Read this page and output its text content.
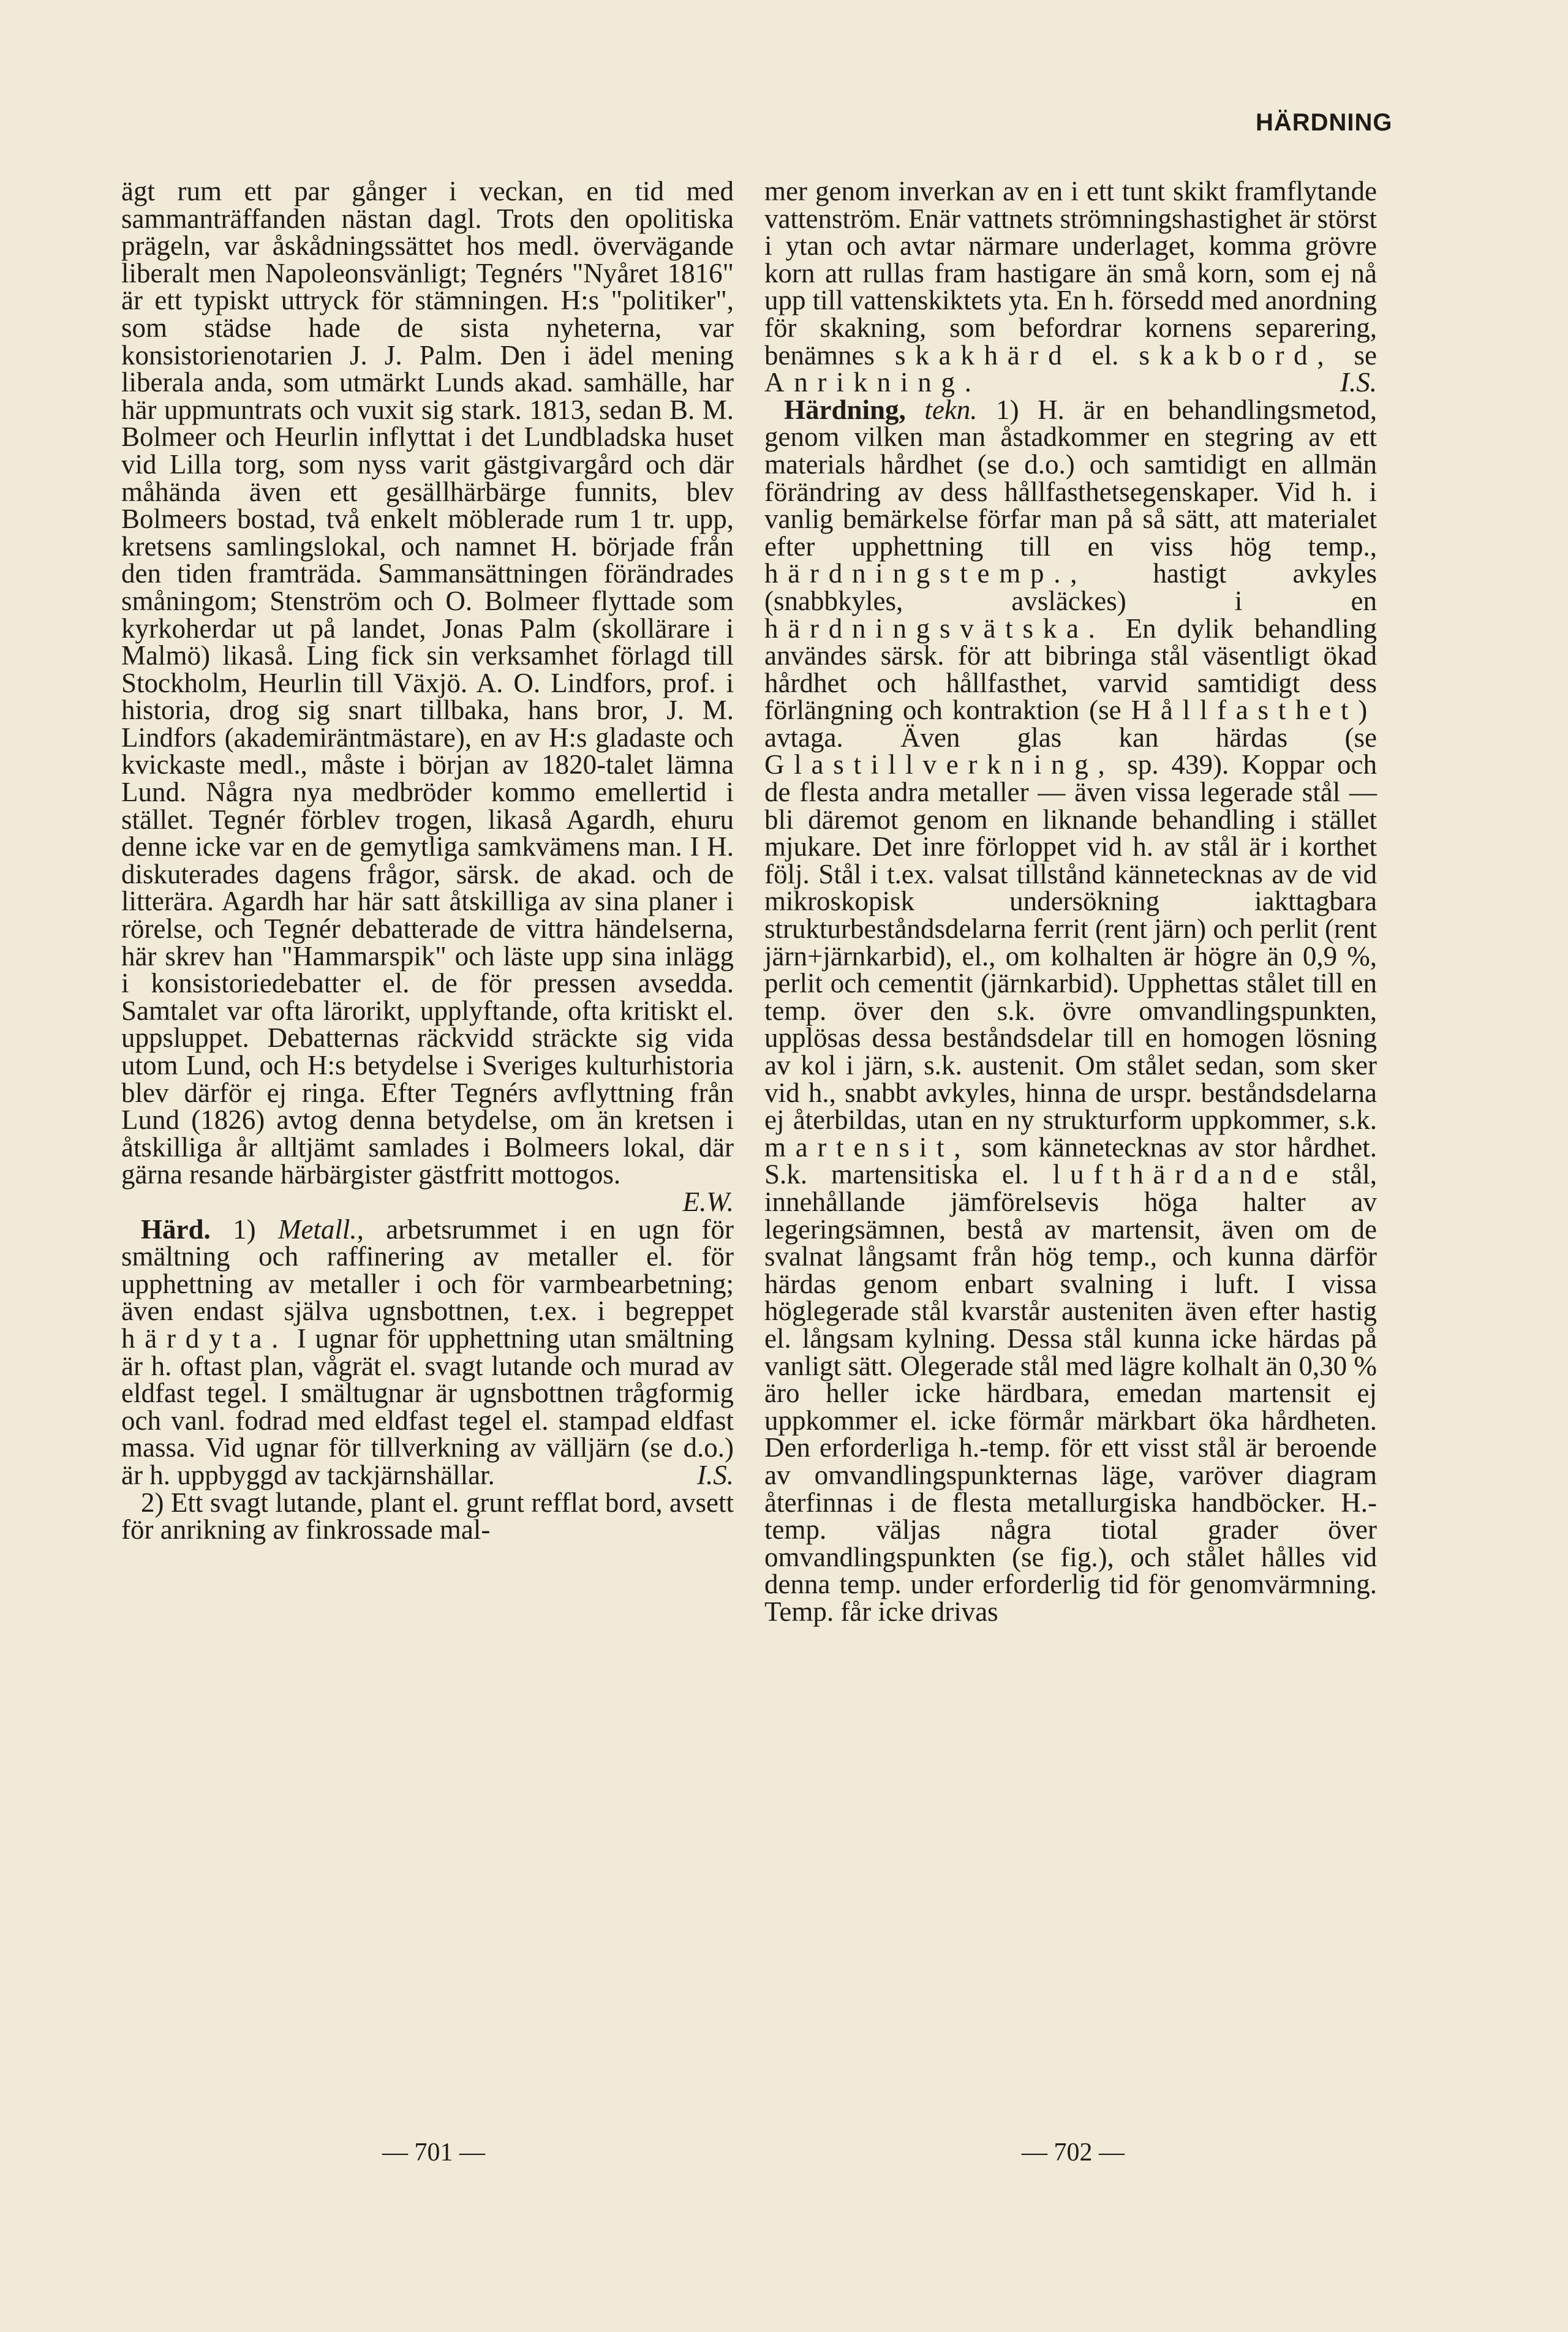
HÄRDNING

ägt rum ett par gånger i veckan, en tid med sammanträffanden nästan dagl. Trots den opolitiska prägeln, var åskådningssättet hos medl. övervägande liberalt men Napoleonsvänligt; Tegnérs "Nyåret 1816" är ett typiskt uttryck för stämningen. H:s "politiker", som städse hade de sista nyheterna, var konsistorienotarien J. J. Palm. Den i ädel mening liberala anda, som utmärkt Lunds akad. samhälle, har här uppmuntrats och vuxit sig stark. 1813, sedan B. M. Bolmeer och Heurlin inflyttat i det Lundbladska huset vid Lilla torg, som nyss varit gästgivargård och där måhända även ett gesällhärbärge funnits, blev Bolmeers bostad, två enkelt möblerade rum 1 tr. upp, kretsens samlingslokal, och namnet H. började från den tiden framträda. Sammansättningen förändrades småningom; Stenström och O. Bolmeer flyttade som kyrkoherdar ut på landet, Jonas Palm (skollärare i Malmö) likaså. Ling fick sin verksamhet förlagd till Stockholm, Heurlin till Växjö. A. O. Lindfors, prof. i historia, drog sig snart tillbaka, hans bror, J. M. Lindfors (akademiräntmästare), en av H:s gladaste och kvickaste medl., måste i början av 1820-talet lämna Lund. Några nya medbröder kommo emellertid i stället. Tegnér förblev trogen, likaså Agardh, ehuru denne icke var en de gemytliga samkvämens man. I H. diskuterades dagens frågor, särsk. de akad. och de litterära. Agardh har här satt åtskilliga av sina planer i rörelse, och Tegnér debatterade de vittra händelserna, här skrev han "Hammarspik" och läste upp sina inlägg i konsistoriedebatter el. de för pressen avsedda. Samtalet var ofta lärorikt, upplyftande, ofta kritiskt el. uppsluppet. Debatternas räckvidd sträckte sig vida utom Lund, och H:s betydelse i Sveriges kulturhistoria blev därför ej ringa. Efter Tegnérs avflyttning från Lund (1826) avtog denna betydelse, om än kretsen i åtskilliga år alltjämt samlades i Bolmeers lokal, där gärna resande härbärgister gästfritt mottogos.

E.W.

Härd. 1) Metall., arbetsrummet i en ugn för smältning och raffinering av metaller el. för upphettning av metaller i och för varmbearbetning; även endast själva ugnsbottnen, t.ex. i begreppet härdyta. I ugnar för upphettning utan smältning är h. oftast plan, vågrät el. svagt lutande och murad av eldfast tegel. I smältugnar är ugnsbottnen trågformig och vanl. fodrad med eldfast tegel el. stampad eldfast massa. Vid ugnar för tillverkning av välljärn (se d.o.) är h. uppbyggd av tackjärnshällar.	I.S.

2) Ett svagt lutande, plant el. grunt refflat bord, avsett för anrikning av finkrossade mal-

mer genom inverkan av en i ett tunt skikt framflytande vattenström. Enär vattnets strömningshastighet är störst i ytan och avtar närmare underlaget, komma grövre korn att rullas fram hastigare än små korn, som ej nå upp till vattenskiktets yta. En h. försedd med anordning för skakning, som befordrar kornens separering, benämnes skakhärd el. skakbord, se Anrikning.	I.S.

Härdning, tekn. 1) H. är en behandlingsmetod, genom vilken man åstadkommer en stegring av ett materials hårdhet (se d.o.) och samtidigt en allmän förändring av dess hållfasthetsegenskaper. Vid h. i vanlig bemärkelse förfar man på så sätt, att materialet efter upphettning till en viss hög temp., härdningstemp., hastigt avkyles (snabbkyles, avsläckes) i en härdningsvätska. En dylik behandling användes särsk. för att bibringa stål väsentligt ökad hårdhet och hållfasthet, varvid samtidigt dess förlängning och kontraktion (se Hållfasthet) avtaga. Även glas kan härdas (se Glastillverkning, sp. 439). Koppar och de flesta andra metaller — även vissa legerade stål — bli däremot genom en liknande behandling i stället mjukare. Det inre förloppet vid h. av stål är i korthet följ. Stål i t.ex. valsat tillstånd kännetecknas av de vid mikroskopisk undersökning iakttagbara strukturbeståndsdelarna ferrit (rent järn) och perlit (rent järn+järnkarbid), el., om kolhalten är högre än 0,9 %, perlit och cementit (järnkarbid). Upphettas stålet till en temp. över den s.k. övre omvandlingspunkten, upplösas dessa beståndsdelar till en homogen lösning av kol i järn, s.k. austenit. Om stålet sedan, som sker vid h., snabbt avkyles, hinna de urspr. beståndsdelarna ej återbildas, utan en ny strukturform uppkommer, s.k. martensit, som kännetecknas av stor hårdhet. S.k. martensitiska el. lufthärdande stål, innehållande jämförelsevis höga halter av legeringsämnen, bestå av martensit, även om de svalnat långsamt från hög temp., och kunna därför härdas genom enbart svalning i luft. I vissa höglegerade stål kvarstår austeniten även efter hastig el. långsam kylning. Dessa stål kunna icke härdas på vanligt sätt. Olegerade stål med lägre kolhalt än 0,30 % äro heller icke härdbara, emedan martensit ej uppkommer el. icke förmår märkbart öka hårdheten. Den erforderliga h.-temp. för ett visst stål är beroende av omvandlingspunkternas läge, varöver diagram återfinnas i de flesta metallurgiska handböcker. H.-temp. väljas några tiotal grader över omvandlingspunkten (se fig.), och stålet hålles vid denna temp. under erforderlig tid för genomvärmning. Temp. får icke drivas

— 701 —	— 702 —
